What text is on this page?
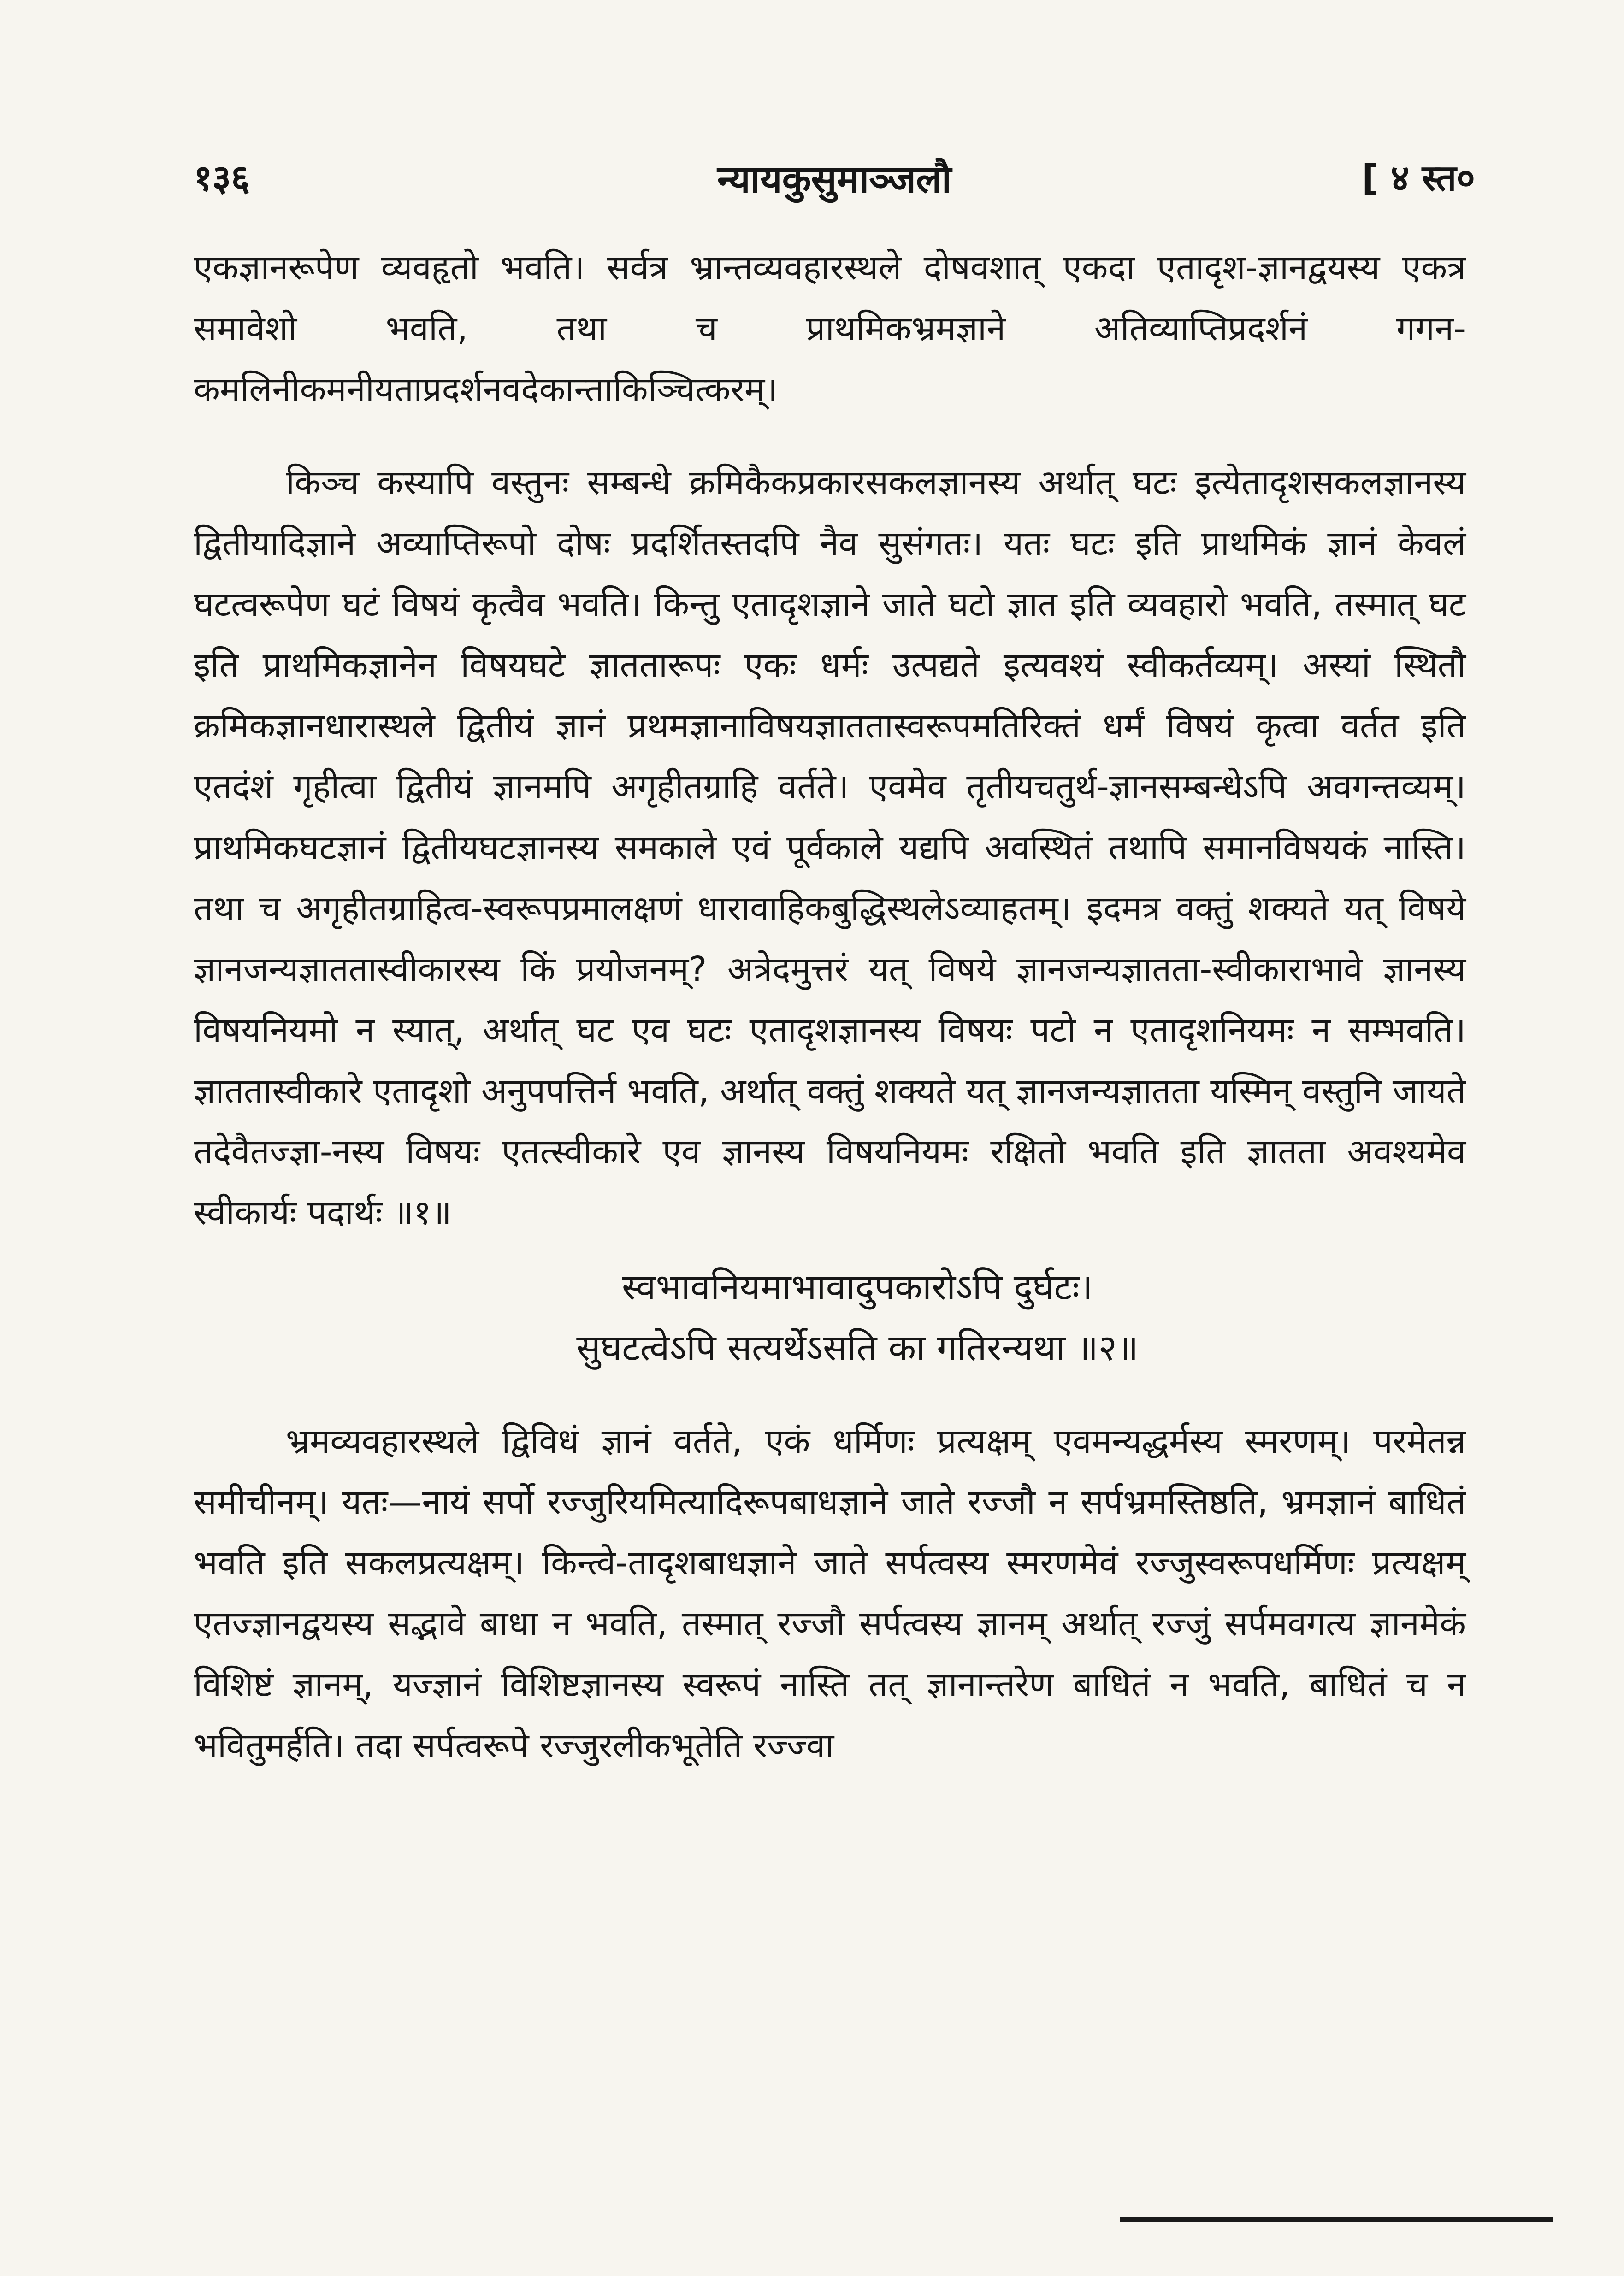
१३६	न्यायकुसुमाञ्जलौ	[ ४ स्त०

एकज्ञानरूपेण व्यवहृतो भवति। सर्वत्र भ्रान्तव्यवहारस्थले दोषवशात् एकदा एतादृश-ज्ञानद्वयस्य एकत्र समावेशो भवति, तथा च प्राथमिकभ्रमज्ञाने अतिव्याप्तिप्रदर्शनं गगन-कमलिनीकमनीयताप्रदर्शनवदेकान्ताकिञ्चित्करम्।

किञ्च कस्यापि वस्तुनः सम्बन्धे क्रमिकैकप्रकारसकलज्ञानस्य अर्थात् घटः इत्येतादृशसकलज्ञानस्य द्वितीयादिज्ञाने अव्याप्तिरूपो दोषः प्रदर्शितस्तदपि नैव सुसंगतः। यतः घटः इति प्राथमिकं ज्ञानं केवलं घटत्वरूपेण घटं विषयं कृत्वैव भवति। किन्तु एतादृशज्ञाने जाते घटो ज्ञात इति व्यवहारो भवति, तस्मात् घट इति प्राथमिकज्ञानेन विषयघटे ज्ञाततारूपः एकः धर्मः उत्पद्यते इत्यवश्यं स्वीकर्तव्यम्। अस्यां स्थितौ क्रमिकज्ञानधारास्थले द्वितीयं ज्ञानं प्रथमज्ञानाविषयज्ञाततास्वरूपमतिरिक्तं धर्मं विषयं कृत्वा वर्तत इति एतदंशं गृहीत्वा द्वितीयं ज्ञानमपि अगृहीतग्राहि वर्तते। एवमेव तृतीयचतुर्थ-ज्ञानसम्बन्धेऽपि अवगन्तव्यम्। प्राथमिकघटज्ञानं द्वितीयघटज्ञानस्य समकाले एवं पूर्वकाले यद्यपि अवस्थितं तथापि समानविषयकं नास्ति। तथा च अगृहीतग्राहित्व-स्वरूपप्रमालक्षणं धारावाहिकबुद्धिस्थलेऽव्याहतम्। इदमत्र वक्तुं शक्यते यत् विषये ज्ञानजन्यज्ञाततास्वीकारस्य किं प्रयोजनम्? अत्रेदमुत्तरं यत् विषये ज्ञानजन्यज्ञातता-स्वीकाराभावे ज्ञानस्य विषयनियमो न स्यात्, अर्थात् घट एव घटः एतादृशज्ञानस्य विषयः पटो न एतादृशनियमः न सम्भवति। ज्ञाततास्वीकारे एतादृशो अनुपपत्तिर्न भवति, अर्थात् वक्तुं शक्यते यत् ज्ञानजन्यज्ञातता यस्मिन् वस्तुनि जायते तदेवैतज्ज्ञा-नस्य विषयः एतत्स्वीकारे एव ज्ञानस्य विषयनियमः रक्षितो भवति इति ज्ञातता अवश्यमेव स्वीकार्यः पदार्थः ॥१॥

स्वभावनियमाभावादुपकारोऽपि दुर्घटः।

सुघटत्वेऽपि सत्यर्थेऽसति का गतिरन्यथा ॥२॥

भ्रमव्यवहारस्थले द्विविधं ज्ञानं वर्तते, एकं धर्मिणः प्रत्यक्षम् एवमन्यद्धर्मस्य स्मरणम्। परमेतन्न समीचीनम्। यतः—नायं सर्पो रज्जुरियमित्यादिरूपबाधज्ञाने जाते रज्जौ न सर्पभ्रमस्तिष्ठति, भ्रमज्ञानं बाधितं भवति इति सकलप्रत्यक्षम्। किन्त्वे-तादृशबाधज्ञाने जाते सर्पत्वस्य स्मरणमेवं रज्जुस्वरूपधर्मिणः प्रत्यक्षम् एतज्ज्ञानद्वयस्य सद्भावे बाधा न भवति, तस्मात् रज्जौ सर्पत्वस्य ज्ञानम् अर्थात् रज्जुं सर्पमवगत्य ज्ञानमेकं विशिष्टं ज्ञानम्, यज्ज्ञानं विशिष्टज्ञानस्य स्वरूपं नास्ति तत् ज्ञानान्तरेण बाधितं न भवति, बाधितं च न भवितुमर्हति। तदा सर्पत्वरूपे रज्जुरलीकभूतेति रज्ज्वा
